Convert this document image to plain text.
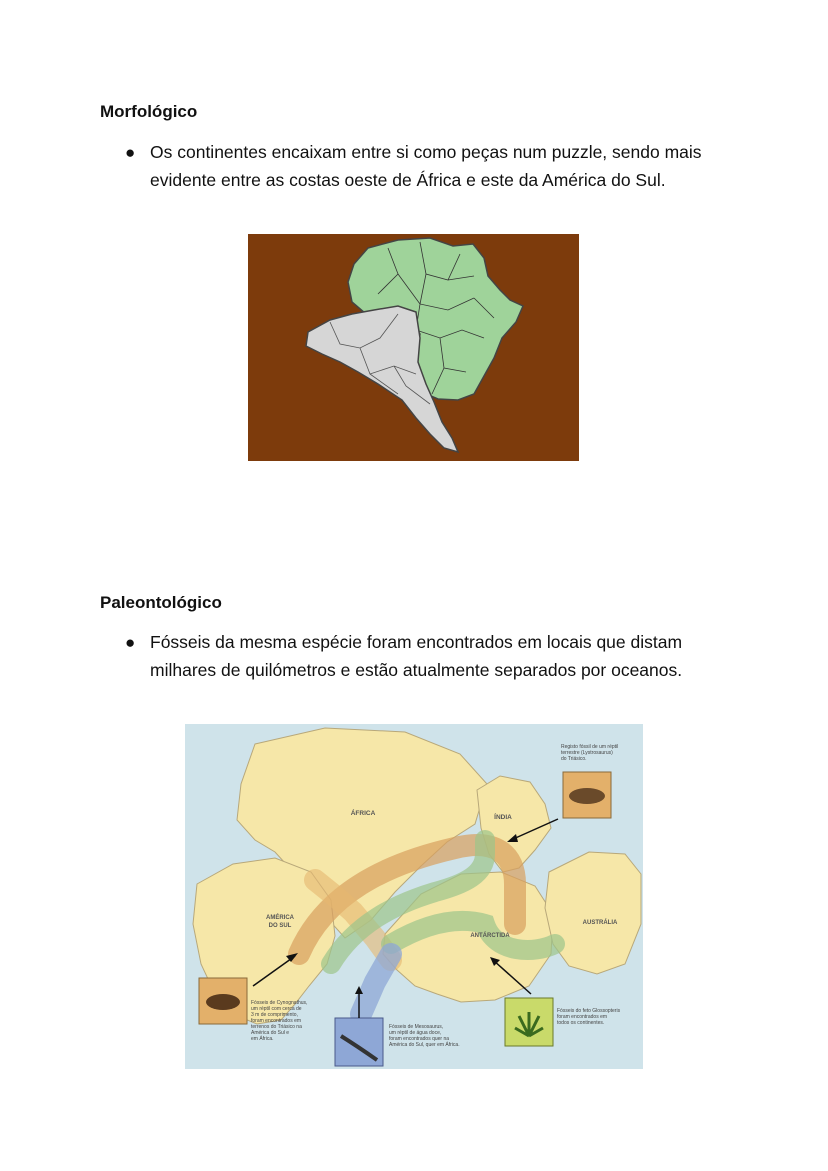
Morfológico
● Os continentes encaixam entre si como peças num puzzle, sendo mais evidente entre as costas oeste de África e este da América do Sul.

Paleontológico
● Fósseis da mesma espécie foram encontrados em locais que distam milhares de quilómetros e estão atualmente separados por oceanos.

ÁFRICA
ÍNDIA
AMÉRICA
DO SUL
ANTÁRCTIDA
AUSTRÁLIA
Registo fóssil de um réptil
terrestre (Lystrosaurus)
do Triásico.
Fósseis de Cynognathus,
um réptil com cerca de
3 m de comprimento,
foram encontrados em
terrenos do Triásico na
América do Sul e
em África.
Fósseis de Mesosaurus,
um réptil de água doce,
foram encontrados quer na
América do Sul, quer em África.
Fósseis do feto Glossopteris
foram encontrados em
todos os continentes.
